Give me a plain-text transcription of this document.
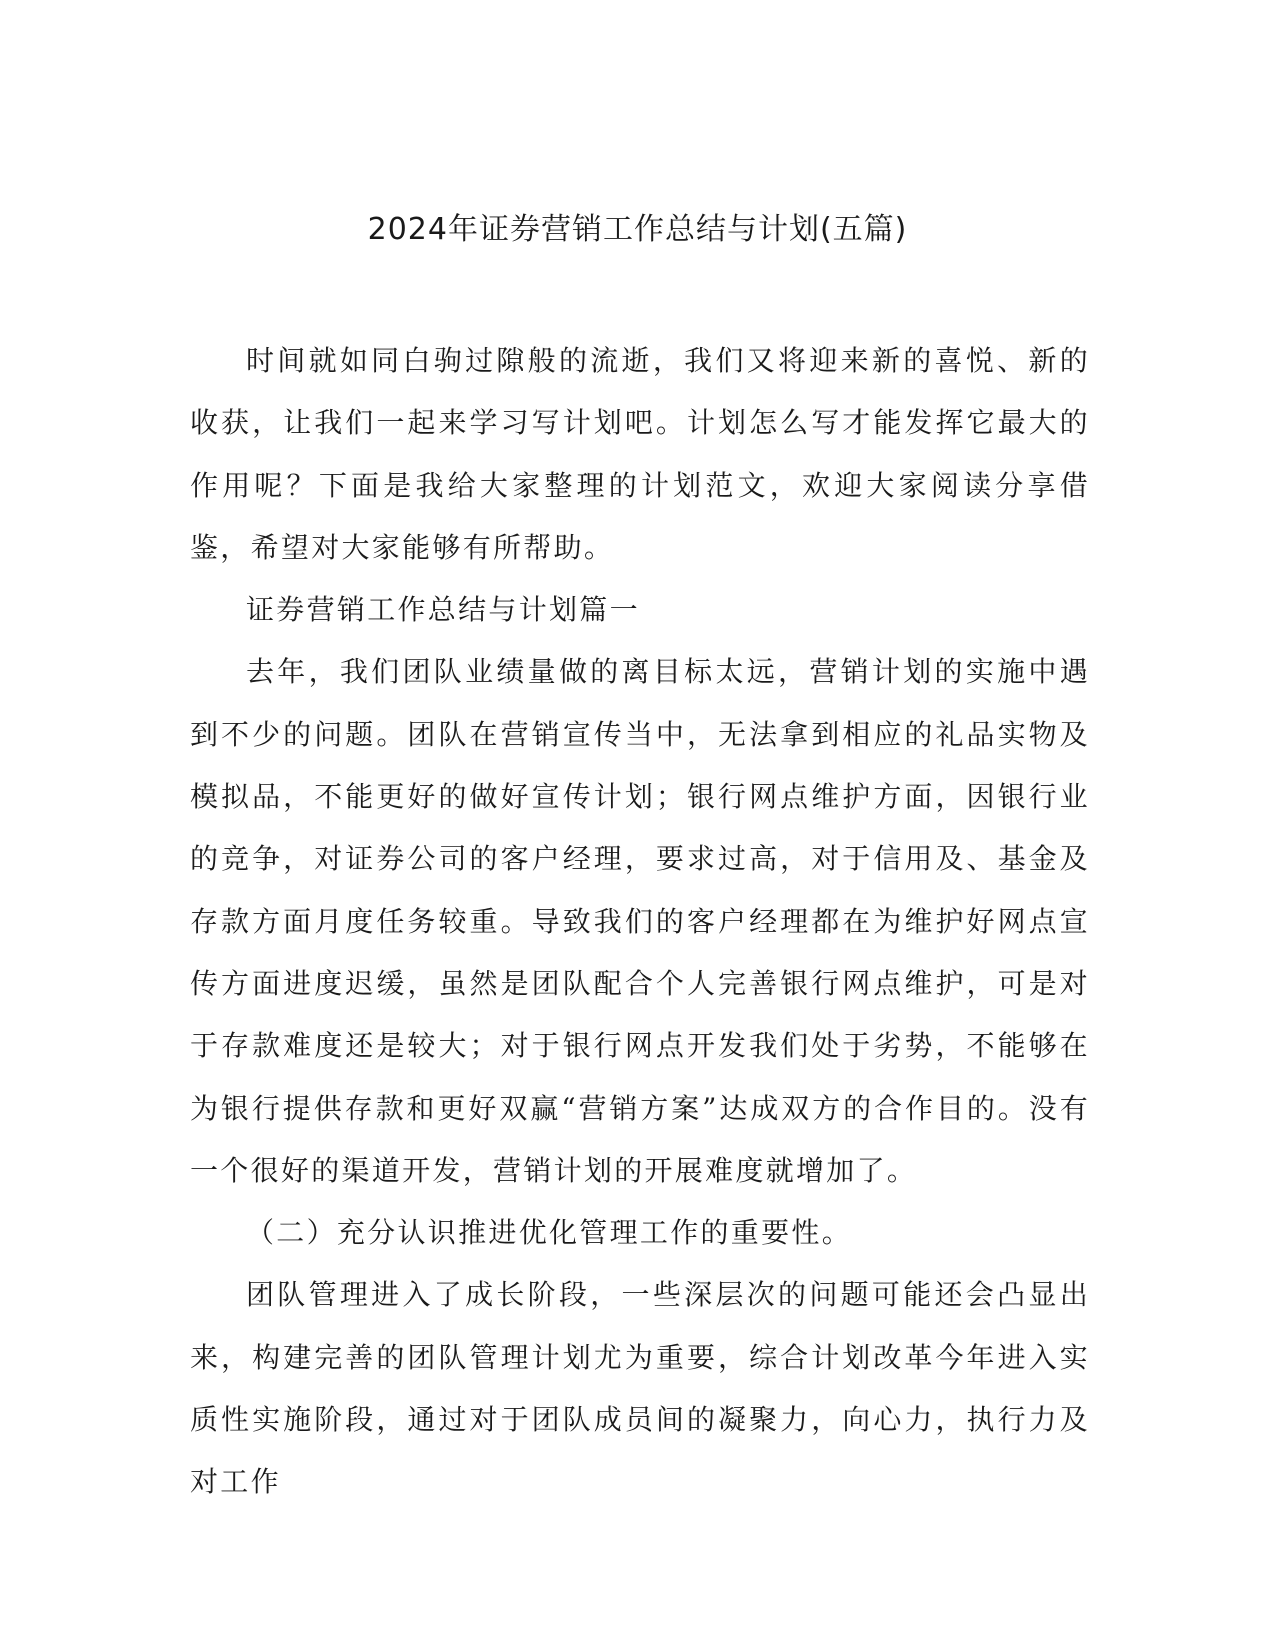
2024年证券营销工作总结与计划(五篇)

时间就如同白驹过隙般的流逝，我们又将迎来新的喜悦、新的收获，让我们一起来学习写计划吧。计划怎么写才能发挥它最大的作用呢？下面是我给大家整理的计划范文，欢迎大家阅读分享借鉴，希望对大家能够有所帮助。

证券营销工作总结与计划篇一

去年，我们团队业绩量做的离目标太远，营销计划的实施中遇到不少的问题。团队在营销宣传当中，无法拿到相应的礼品实物及模拟品，不能更好的做好宣传计划；银行网点维护方面，因银行业的竞争，对证券公司的客户经理，要求过高，对于信用及、基金及存款方面月度任务较重。导致我们的客户经理都在为维护好网点宣传方面进度迟缓，虽然是团队配合个人完善银行网点维护，可是对于存款难度还是较大；对于银行网点开发我们处于劣势，不能够在为银行提供存款和更好双赢“营销方案”达成双方的合作目的。没有一个很好的渠道开发，营销计划的开展难度就增加了。

（二）充分认识推进优化管理工作的重要性。

团队管理进入了成长阶段，一些深层次的问题可能还会凸显出来，构建完善的团队管理计划尤为重要，综合计划改革今年进入实质性实施阶段，通过对于团队成员间的凝聚力，向心力，执行力及对工作
